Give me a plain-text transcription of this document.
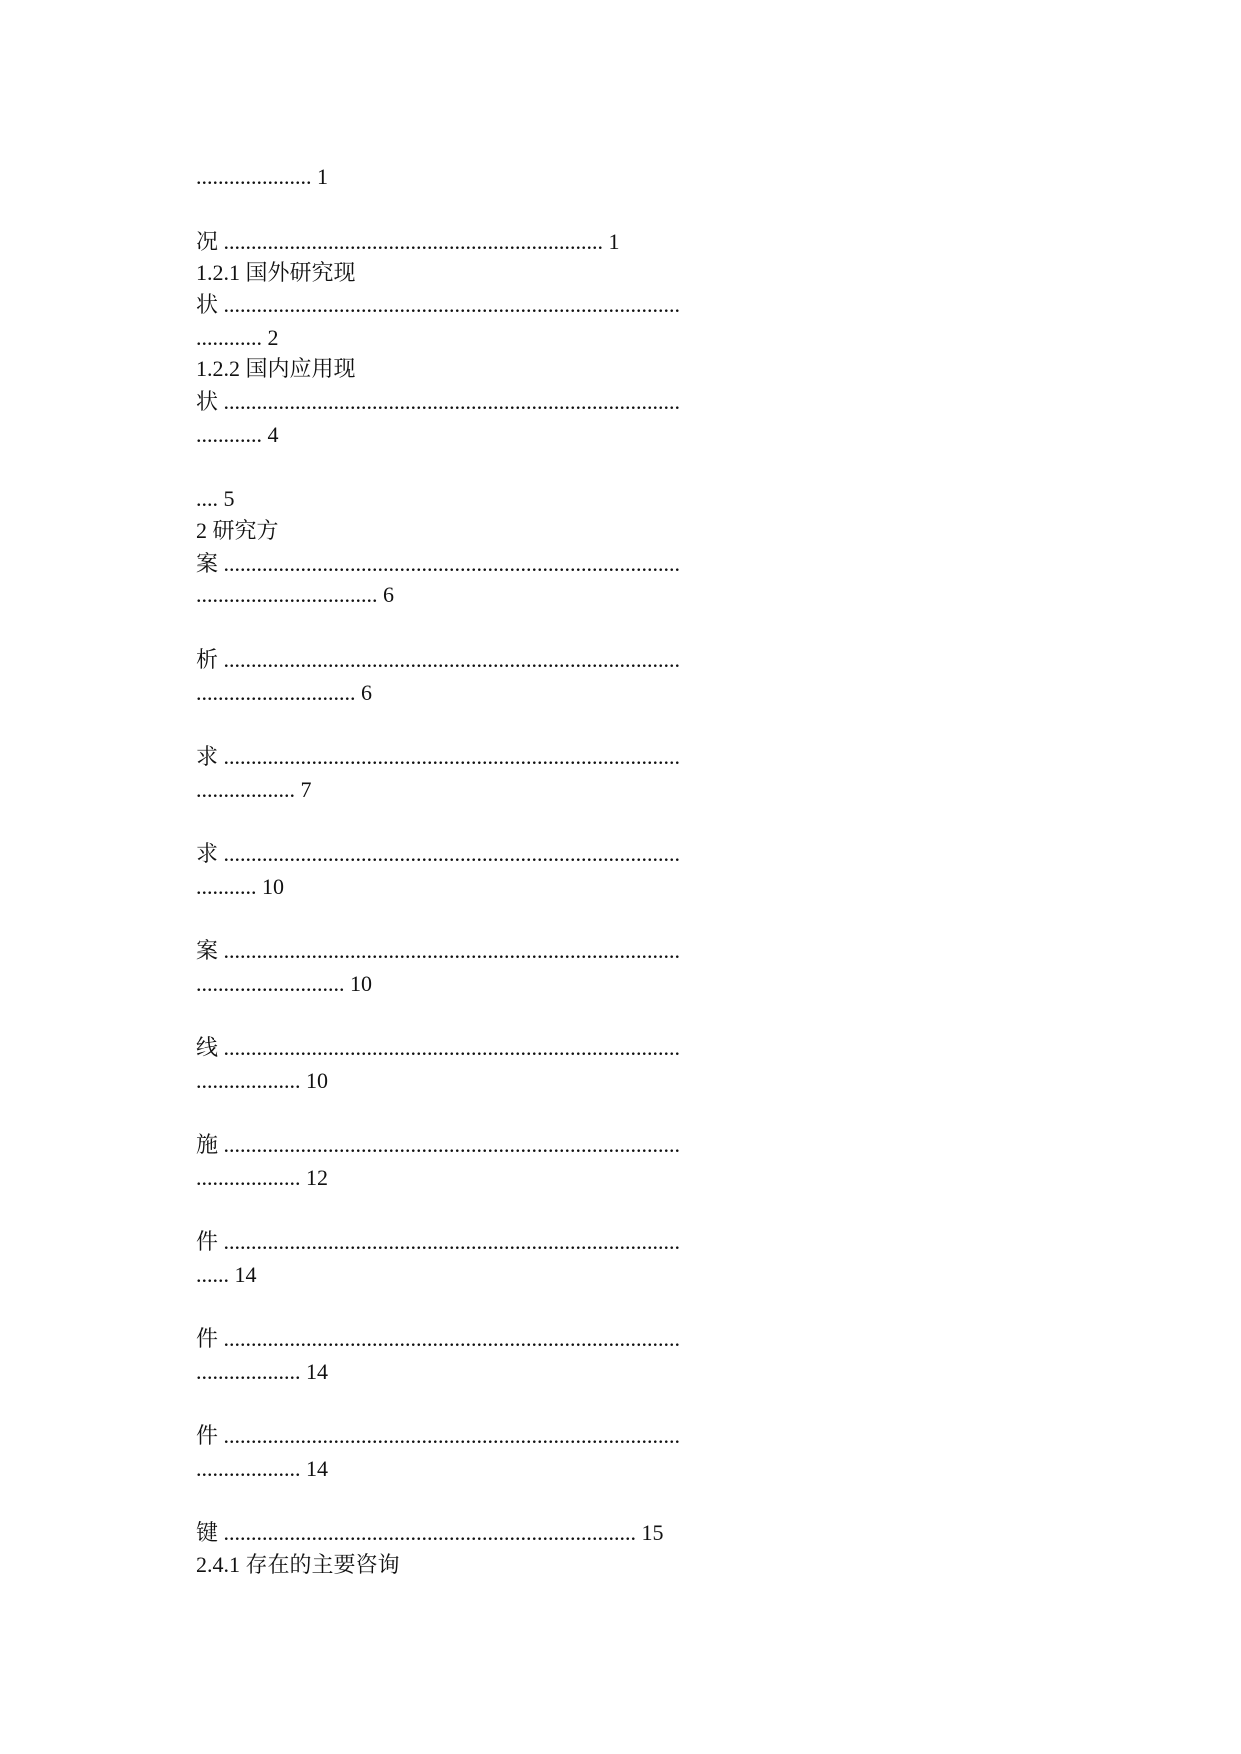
..................... 1
况 ..................................................................... 1
1.2.1 国外研究现
状 ...................................................................................
............ 2
1.2.2 国内应用现
状 ...................................................................................
............ 4
.... 5
2 研究方
案 ...................................................................................
................................. 6
析 ...................................................................................
............................. 6
求 ...................................................................................
.................. 7
求 ...................................................................................
........... 10
案 ...................................................................................
........................... 10
线 ...................................................................................
................... 10
施 ...................................................................................
................... 12
件 ...................................................................................
...... 14
件 ...................................................................................
................... 14
件 ...................................................................................
................... 14
键 ........................................................................... 15
2.4.1 存在的主要咨询
